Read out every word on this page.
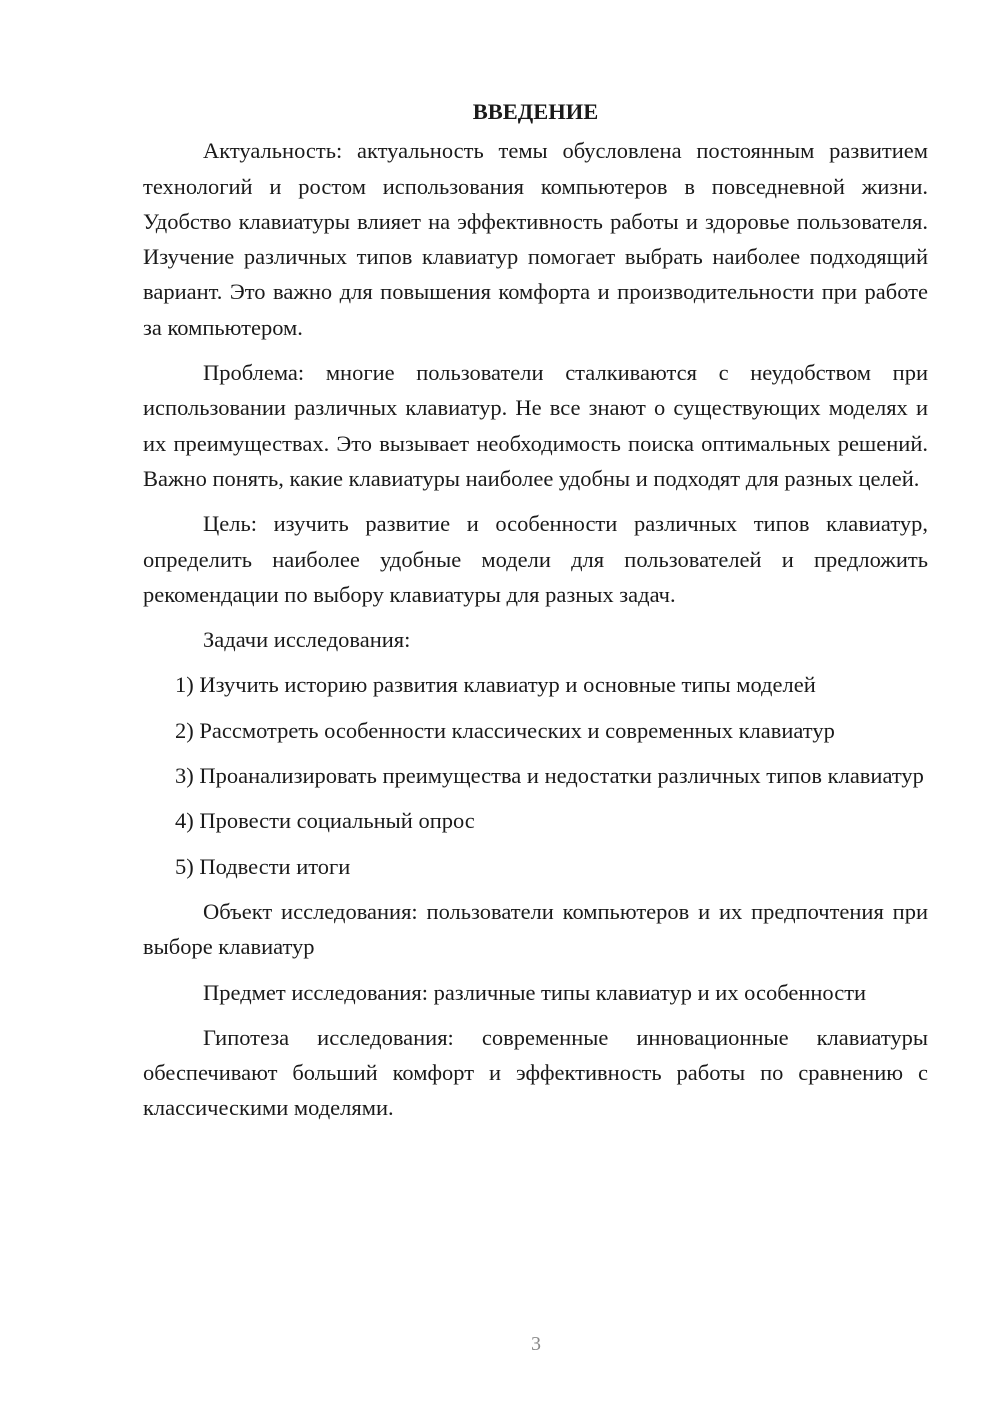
ВВЕДЕНИЕ

Актуальность: актуальность темы обусловлена постоянным развитием технологий и ростом использования компьютеров в повседневной жизни. Удобство клавиатуры влияет на эффективность работы и здоровье пользователя. Изучение различных типов клавиатур помогает выбрать наиболее подходящий вариант. Это важно для повышения комфорта и производительности при работе за компьютером.

Проблема: многие пользователи сталкиваются с неудобством при использовании различных клавиатур. Не все знают о существующих моделях и их преимуществах. Это вызывает необходимость поиска оптимальных решений. Важно понять, какие клавиатуры наиболее удобны и подходят для разных целей.

Цель: изучить развитие и особенности различных типов клавиатур, определить наиболее удобные модели для пользователей и предложить рекомендации по выбору клавиатуры для разных задач.

Задачи исследования:

1) Изучить историю развития клавиатур и основные типы моделей

2) Рассмотреть особенности классических и современных клавиатур

3) Проанализировать преимущества и недостатки различных типов клавиатур

4) Провести социальный опрос

5) Подвести итоги

Объект исследования: пользователи компьютеров и их предпочтения при выборе клавиатур

Предмет исследования: различные типы клавиатур и их особенности

Гипотеза исследования: современные инновационные клавиатуры обеспечивают больший комфорт и эффективность работы по сравнению с классическими моделями.

3
